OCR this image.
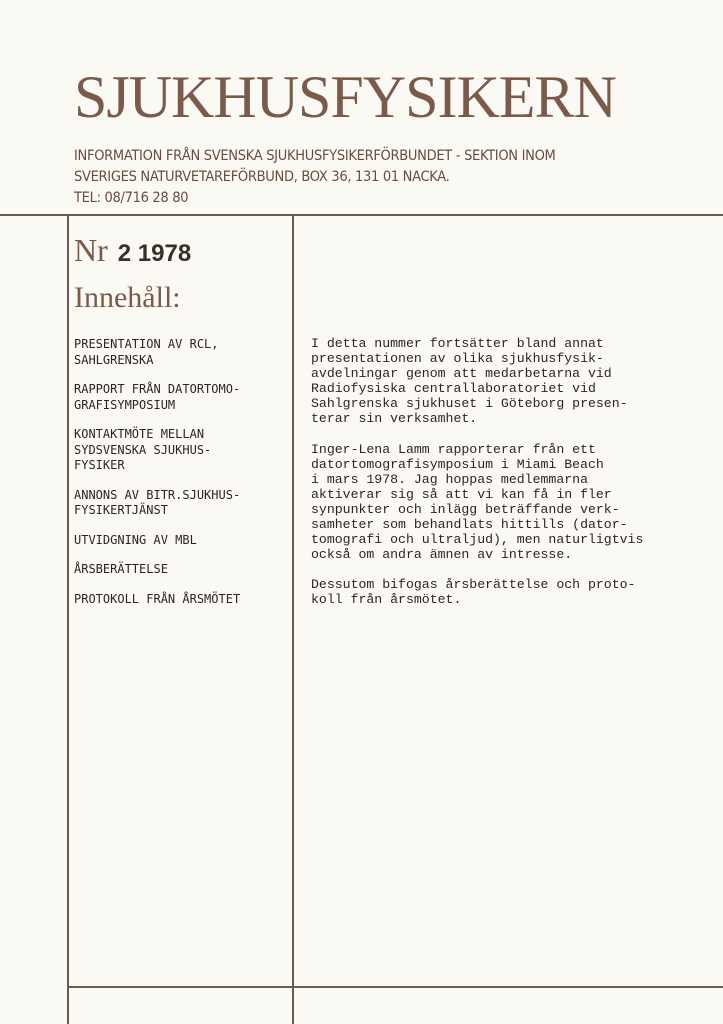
SJUKHUSFYSIKERN
INFORMATION FRÅN SVENSKA SJUKHUSFYSIKERFÖRBUNDET - SEKTION INOM
SVERIGES NATURVETAREFÖRBUND, BOX 36, 131 01 NACKA.
TEL: 08/716 28 80
Nr 2 1978
Innehåll:
PRESENTATION AV RCL,
SAHLGRENSKA
RAPPORT FRÅN DATORTOMO-
GRAFISYMPOSIUM
KONTAKTMÖTE MELLAN
SYDSVENSKA SJUKHUS-
FYSIKER
ANNONS AV BITR.SJUKHUS-
FYSIKERTJÄNST
UTVIDGNING AV MBL
ÅRSBERÄTTELSE
PROTOKOLL FRÅN ÅRSMÖTET

I detta nummer fortsätter bland annat
presentationen av olika sjukhusfysik-
avdelningar genom att medarbetarna vid
Radiofysiska centrallaboratoriet vid
Sahlgrenska sjukhuset i Göteborg presen-
terar sin verksamhet.

Inger-Lena Lamm rapporterar från ett
datortomografisymposium i Miami Beach
i mars 1978. Jag hoppas medlemmarna
aktiverar sig så att vi kan få in fler
synpunkter och inlägg beträffande verk-
samheter som behandlats hittills (dator-
tomografi och ultraljud), men naturligtvis
också om andra ämnen av intresse.

Dessutom bifogas årsberättelse och proto-
koll från årsmötet.
